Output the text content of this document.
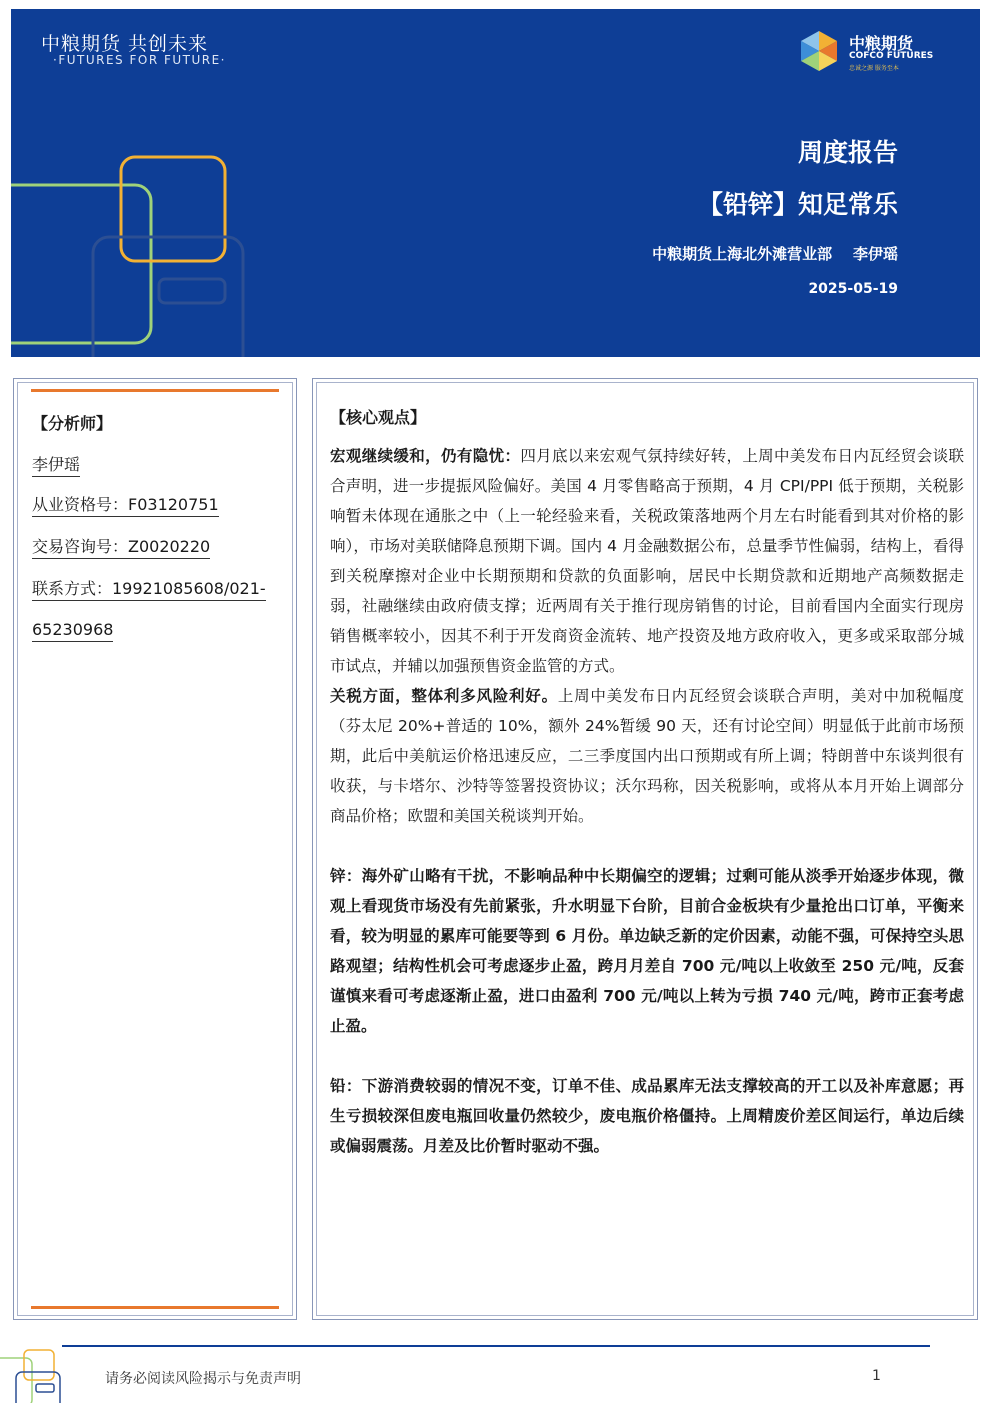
中粮期货 共创未来
·FUTURES FOR FUTURE·
中粮期货
COFCO FUTURES
忠诚之源 服务至本
周度报告
【铅锌】知足常乐
中粮期货上海北外滩营业部    李伊瑶
2025-05-19
【分析师】
李伊瑶
从业资格号：F03120751
交易咨询号：Z0020220
联系方式：19921085608/021-
65230968
【核心观点】

宏观继续缓和，仍有隐忧：四月底以来宏观气氛持续好转，上周中美发布日内瓦经贸会谈联合声明，进一步提振风险偏好。美国 4 月零售略高于预期，4 月 CPI/PPI 低于预期，关税影响暂未体现在通胀之中（上一轮经验来看，关税政策落地两个月左右时能看到其对价格的影响），市场对美联储降息预期下调。国内 4 月金融数据公布，总量季节性偏弱，结构上，看得到关税摩擦对企业中长期预期和贷款的负面影响，居民中长期贷款和近期地产高频数据走弱，社融继续由政府债支撑；近两周有关于推行现房销售的讨论，目前看国内全面实行现房销售概率较小，因其不利于开发商资金流转、地产投资及地方政府收入，更多或采取部分城市试点，并辅以加强预售资金监管的方式。

关税方面，整体利多风险利好。上周中美发布日内瓦经贸会谈联合声明，美对中加税幅度（芬太尼 20%+普适的 10%，额外 24%暂缓 90 天，还有讨论空间）明显低于此前市场预期，此后中美航运价格迅速反应，二三季度国内出口预期或有所上调；特朗普中东谈判很有收获，与卡塔尔、沙特等签署投资协议；沃尔玛称，因关税影响，或将从本月开始上调部分商品价格；欧盟和美国关税谈判开始。

锌：海外矿山略有干扰，不影响品种中长期偏空的逻辑；过剩可能从淡季开始逐步体现，微观上看现货市场没有先前紧张，升水明显下台阶，目前合金板块有少量抢出口订单，平衡来看，较为明显的累库可能要等到 6 月份。单边缺乏新的定价因素，动能不强，可保持空头思路观望；结构性机会可考虑逐步止盈，跨月月差自 700 元/吨以上收敛至 250 元/吨，反套谨慎来看可考虑逐渐止盈，进口由盈利 700 元/吨以上转为亏损 740 元/吨，跨市正套考虑止盈。

铅：下游消费较弱的情况不变，订单不佳、成品累库无法支撑较高的开工以及补库意愿；再生亏损较深但废电瓶回收量仍然较少，废电瓶价格僵持。上周精废价差区间运行，单边后续或偏弱震荡。月差及比价暂时驱动不强。

请务必阅读风险揭示与免责声明	1
